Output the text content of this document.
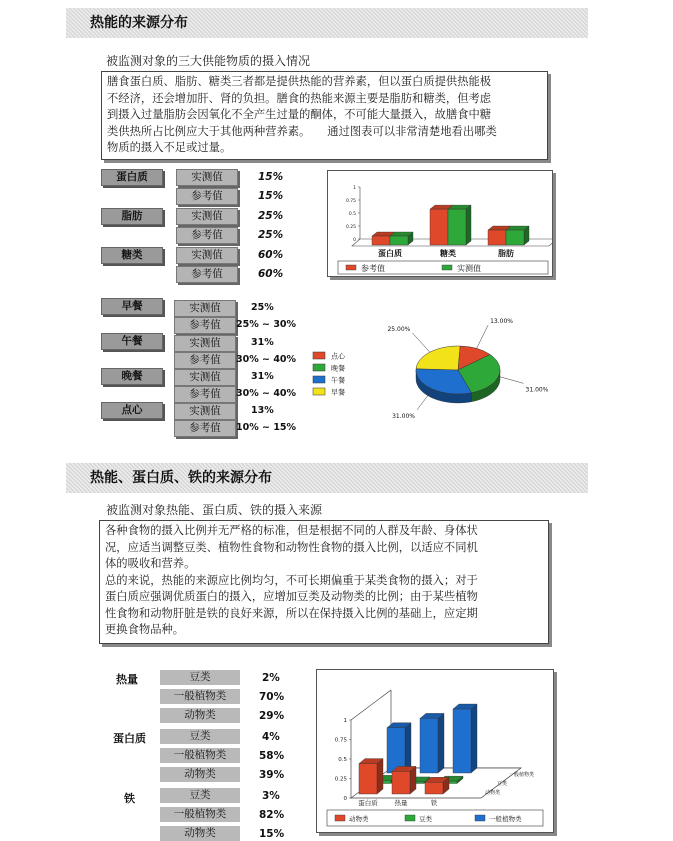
热能的来源分布
被监测对象的三大供能物质的摄入情况
膳食蛋白质、脂肪、糖类三者都是提供热能的营养素，但以蛋白质提供热能极
不经济，还会增加肝、肾的负担。膳食的热能来源主要是脂肪和糖类，但考虑
到摄入过量脂肪会因氧化不全产生过量的酮体，不可能大量摄入，故膳食中糖
类供热所占比例应大于其他两种营养素。　　通过图表可以非常清楚地看出哪类
物质的摄入不足或过量。
蛋白质	实测值	15%
参考值	15%
脂肪	实测值	25%
参考值	25%
糖类	实测值	60%
参考值	60%
0
0.25
0.5
0.75
1
蛋白质	糖类	脂肪
参考值	实测值
早餐	实测值	25%
参考值	25% ~ 30%
午餐	实测值	31%
参考值	30% ~ 40%
晚餐	实测值	31%
参考值	30% ~ 40%
点心	实测值	13%
参考值	10% ~ 15%
点心
晚餐
午餐
早餐
13.00%
31.00%
31.00%
25.00%
热能、蛋白质、铁的来源分布
被监测对象热能、蛋白质、铁的摄入来源
各种食物的摄入比例并无严格的标准，但是根据不同的人群及年龄、身体状
况，应适当调整豆类、植物性食物和动物性食物的摄入比例，以适应不同机
体的吸收和营养。
总的来说，热能的来源应比例均匀，不可长期偏重于某类食物的摄入；对于
蛋白质应强调优质蛋白的摄入，应增加豆类及动物类的比例；由于某些植物
性食物和动物肝脏是铁的良好来源，所以在保持摄入比例的基础上，应定期
更换食物品种。
热量	豆类	2%
一般植物类	70%
动物类	29%
蛋白质	豆类	4%
一般植物类	58%
动物类	39%
铁	豆类	3%
一般植物类	82%
动物类	15%
0
0.25
0.5
0.75
1
蛋白质	热量	铁
动物类
豆类
一般植物类
动物类	豆类	一般植物类
